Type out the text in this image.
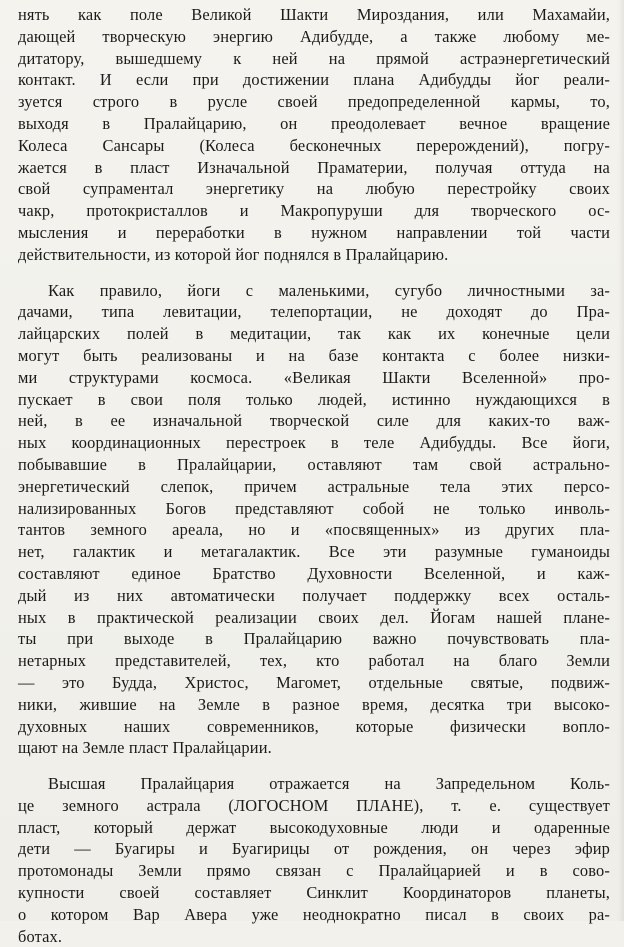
нять как поле Великой Шакти Мироздания, или Махамайи,
дающей творческую энергию Адибудде, а также любому ме-
дитатору, вышедшему к ней на прямой астраэнергетический
контакт. И если при достижении плана Адибудды йог реали-
зуется строго в русле своей предопределенной кармы, то,
выходя в Пралайцарию, он преодолевает вечное вращение
Колеса Сансары (Колеса бесконечных перерождений), погру-
жается в пласт Изначальной Праматерии, получая оттуда на
свой супраментал энергетику на любую перестройку своих
чакр, протокристаллов и Макропуруши для творческого ос-
мысления и переработки в нужном направлении той части
действительности, из которой йог поднялся в Пралайцарию.
Как правило, йоги с маленькими, сугубо личностными за-
дачами, типа левитации, телепортации, не доходят до Пра-
лайцарских полей в медитации, так как их конечные цели
могут быть реализованы и на базе контакта с более низки-
ми структурами космоса. «Великая Шакти Вселенной» про-
пускает в свои поля только людей, истинно нуждающихся в
ней, в ее изначальной творческой силе для каких-то важ-
ных координационных перестроек в теле Адибудды. Все йоги,
побывавшие в Пралайцарии, оставляют там свой астрально-
энергетический слепок, причем астральные тела этих персо-
нализированных Богов представляют собой не только инволь-
тантов земного ареала, но и «посвященных» из других пла-
нет, галактик и метагалактик. Все эти разумные гуманоиды
составляют единое Братство Духовности Вселенной, и кaж-
дый из них автоматически получает поддержку всех осталь-
ных в практической реализации своих дел. Йогам нашей плане-
ты при выходе в Пралайцарию важно почувствовать пла-
нетарных представителей, тех, кто работал на благо Земли
— это Будда, Христос, Магомет, отдельные святые, подвиж-
ники, жившие на Земле в разное время, десятка три высоко-
духовных наших современников, которые физически вопло-
щают на Земле пласт Пралайцарии.
Высшая Пралайцария отражается на Запредельном Коль-
це земного астрала (ЛОГОСНОМ ПЛАНЕ), т. е. существует
пласт, который держат высокодуховные люди и одаренные
дети — Буагиры и Буагирицы от рождения, он через эфир
протомонады Земли прямо связан с Пралайцарией и в сово-
купности своей составляет Синклит Координаторов планеты,
о котором Вар Авера уже неоднократно писал в своих ра-
ботах.
